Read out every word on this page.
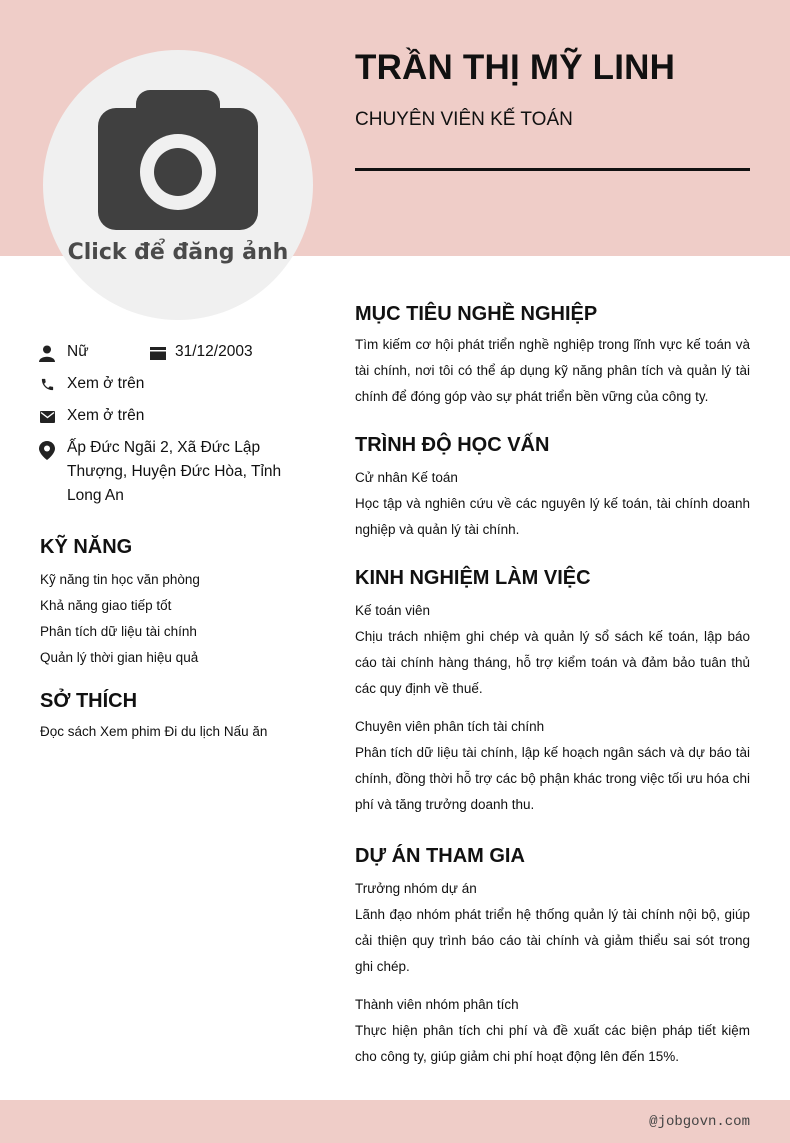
Click để đăng ảnh
TRẦN THỊ MỸ LINH
CHUYÊN VIÊN KẾ TOÁN
Nữ	31/12/2003
Xem ở trên
Xem ở trên
Ấp Đức Ngãi 2, Xã Đức Lập Thượng, Huyện Đức Hòa, Tỉnh Long An
KỸ NĂNG
Kỹ năng tin học văn phòng
Khả năng giao tiếp tốt
Phân tích dữ liệu tài chính
Quản lý thời gian hiệu quả
SỞ THÍCH
Đọc sách Xem phim Đi du lịch Nấu ăn
MỤC TIÊU NGHỀ NGHIỆP
Tìm kiếm cơ hội phát triển nghề nghiệp trong lĩnh vực kế toán và tài chính, nơi tôi có thể áp dụng kỹ năng phân tích và quản lý tài chính để đóng góp vào sự phát triển bền vững của công ty.
TRÌNH ĐỘ HỌC VẤN
Cử nhân Kế toán
Học tập và nghiên cứu về các nguyên lý kế toán, tài chính doanh nghiệp và quản lý tài chính.
KINH NGHIỆM LÀM VIỆC
Kế toán viên
Chịu trách nhiệm ghi chép và quản lý sổ sách kế toán, lập báo cáo tài chính hàng tháng, hỗ trợ kiểm toán và đảm bảo tuân thủ các quy định về thuế.
Chuyên viên phân tích tài chính
Phân tích dữ liệu tài chính, lập kế hoạch ngân sách và dự báo tài chính, đồng thời hỗ trợ các bộ phận khác trong việc tối ưu hóa chi phí và tăng trưởng doanh thu.
DỰ ÁN THAM GIA
Trưởng nhóm dự án
Lãnh đạo nhóm phát triển hệ thống quản lý tài chính nội bộ, giúp cải thiện quy trình báo cáo tài chính và giảm thiểu sai sót trong ghi chép.
Thành viên nhóm phân tích
Thực hiện phân tích chi phí và đề xuất các biện pháp tiết kiệm cho công ty, giúp giảm chi phí hoạt động lên đến 15%.
@jobgovn.com
